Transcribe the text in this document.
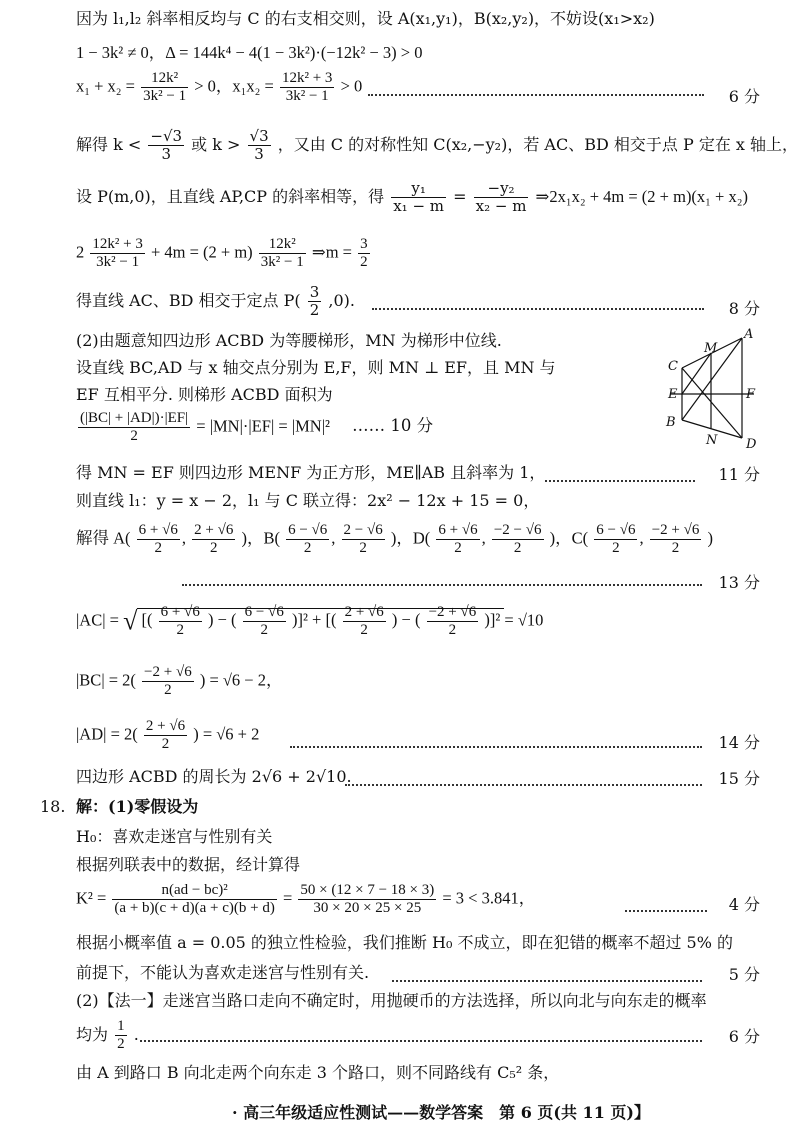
因为 l₁,l₂ 斜率相反均与 C 的右支相交则，设 A(x₁,y₁)，B(x₂,y₂)，不妨设(x₁>x₂)
1 − 3k² ≠ 0，Δ = 144k⁴ − 4(1 − 3k²)·(−12k² − 3) > 0
$x_1 + x_2 = \frac{\text{12k²}}{\text{3k² − 1}} > 0$，$x_1x_2 = \frac{\text{12k² + 3}}{\text{3k² − 1}} > 0$
6 分
解得 $k < \frac{-√3}{3}$ 或 $k > \frac{√3}{3}$ ，又由 C 的对称性知 C(x₂,−y₂)，若 AC、BD 相交于点 P 定在 x 轴上，
设 P(m,0)，且直线 AP,CP 的斜率相等，得 $\frac{\text{y₁}}{\text{x₁ − m}} = \frac{\text{−y₂}}{\text{x₂ − m}}$ ⇒2x₁x₂ + 4m = (2 + m)(x₁ + x₂)
$2 \frac{\text{12k² + 3}}{\text{3k² − 1}} + 4m = (2 + m) \frac{\text{12k²}}{\text{3k² − 1}}$ ⇒m = $\frac{3}{2}$
得直线 AC、BD 相交于定点 $P( \frac{3}{2} ,0)$.	8 分
(2)由题意知四边形 ACBD 为等腰梯形，MN 为梯形中位线.
设直线 BC,AD 与 x 轴交点分别为 E,F，则 MN ⊥ EF，且 MN 与
EF 互相平分. 则梯形 ACBD 面积为
$\frac{(|BC| + |AD|)\cdot|EF|}{2} = |MN|\cdot|EF| = |MN|^2$ …… 10 分
A
M
C
E	F
B
N D
得 MN = EF 则四边形 MENF 为正方形，ME∥AB 且斜率为 1，	11 分
则直线 l₁：y = x − 2，l₁ 与 C 联立得：2x² − 12x + 15 = 0，
解得 $A( \frac{6 + √6}{2}$ , $\frac{2 + √6}{2}$ )，$B( \frac{6 - √6}{2}$ , $\frac{2 - √6}{2}$ )，$D( \frac{6 + √6}{2}$ , $\frac{-2 - √6}{2}$ )，$C( \frac{6 - √6}{2}$ , $\frac{-2 + √6}{2}$ )
13 分
|AC| = √ [( $\frac{6 + √6}{2}$ ) − ( $\frac{6 - √6}{2} )]^2$ + [( $\frac{2 + √6}{2}$ ) − ( $\frac{-2 + √6}{2} )]^2 = √10$
$|BC| = 2( \frac{-2 + √6}{2}$ ) = √6 − 2，
$|AD| = 2( \frac{2 + √6}{2}$ ) = √6 + 2	14 分
四边形 ACBD 的周长为 2√6 + 2√10.	15 分
18. 解：(1)零假设为
H₀：喜欢走迷宫与性别有关
根据列联表中的数据，经计算得
$K^2 = \frac{\text{n(ad − bc)²}}{(a + b)(c + d)(a + c)(b + d)} = \frac{50 \times (12 \times 7 - 18 \times 3)}{30 \times 20 \times 25 \times 25} = 3 < 3.841$，	4 分
根据小概率值 a = 0.05 的独立性检验，我们推断 H₀ 不成立，即在犯错的概率不超过 5% 的
前提下，不能认为喜欢走迷宫与性别有关.	5 分
(2)【法一】走迷宫当路口走向不确定时，用抛硬币的方法选择，所以向北与向东走的概率
均为 $\frac{1}{2}$ .	6 分
由 A 到路口 B 向北走两个向东走 3 个路口，则不同路线有 C₅² 条，
· 高三年级适应性测试——数学答案　第 6 页(共 11 页)】
